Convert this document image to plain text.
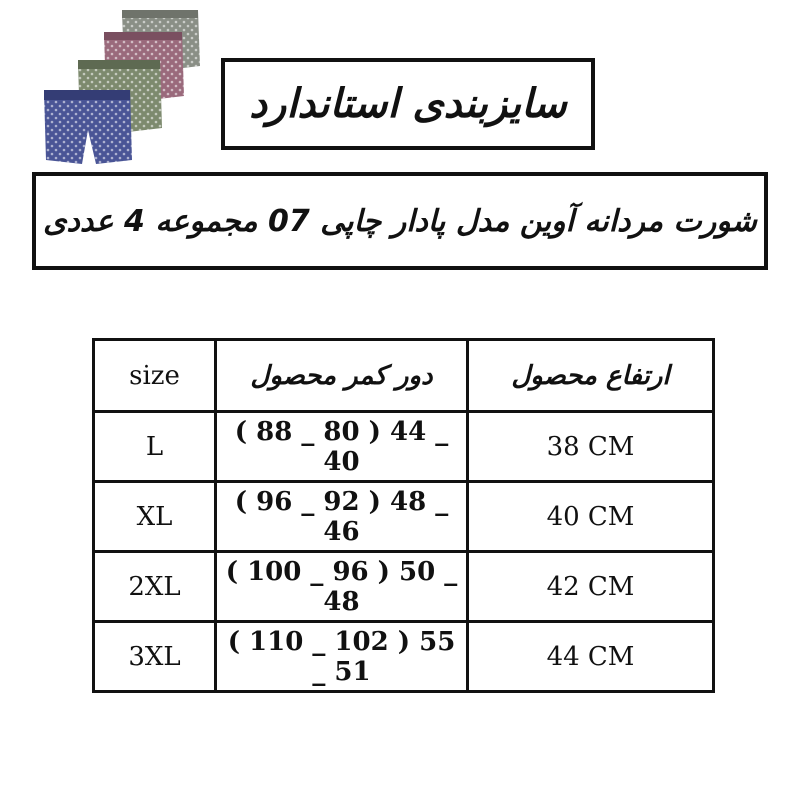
سایزبندی استاندارد
شورت مردانه آوین مدل پادار چاپی 07 مجموعه 4 عددی
size	دور کمر محصول	ارتفاع محصول
L	( 88 _ 80 ) 44 _ 40	38 CM
XL	( 96 _ 92 ) 48 _ 46	40 CM
2XL	( 100 _ 96 ) 50 _ 48	42 CM
3XL	( 110 _ 102 ) 55 _ 51	44 CM
